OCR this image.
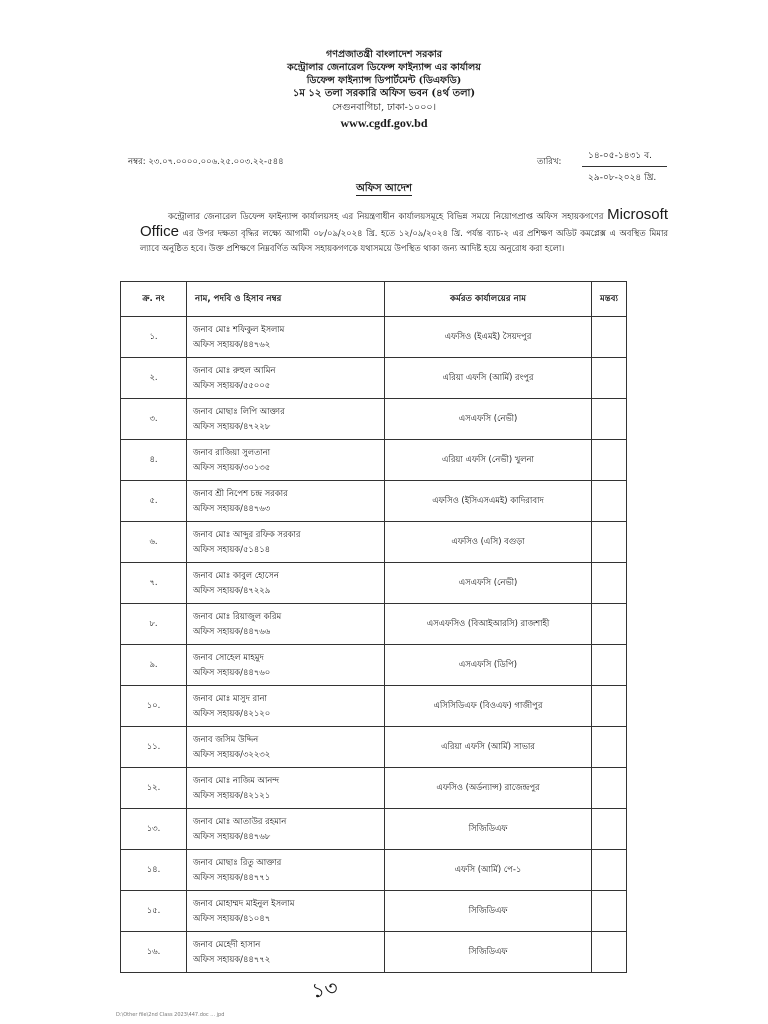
গণপ্রজাতন্ত্রী বাংলাদেশ সরকার
কন্ট্রোলার জেনারেল ডিফেন্স ফাইন্যান্স এর কার্যালয়
ডিফেন্স ফাইন্যান্স ডিপার্টমেন্ট (ডিএফডি)
১ম ১২ তলা সরকারি অফিস ভবন (৪র্থ তলা)
সেগুনবাগিচা, ঢাকা-১০০০।
www.cgdf.gov.bd
নম্বর: ২৩.০৭.০০০০.০০৬.২৫.০০৩.২২-৫৪৪	তারিখ:
১৪-০৫-১৪৩১ ব.
২৯-০৮-২০২৪ খ্রি.
অফিস আদেশ
কন্ট্রোলার জেনারেল ডিফেন্স ফাইন্যান্স কার্যালয়সহ এর নিয়ন্ত্রণাধীন কার্যালয়সমূহে বিভিন্ন সময়ে নিয়োগপ্রাপ্ত অফিস সহায়কগণের Microsoft Office এর উপর দক্ষতা বৃদ্ধির লক্ষ্যে আগামী ০৮/০৯/২০২৪ খ্রি. হতে ১২/০৯/২০২৪ খ্রি. পর্যন্ত ব্যাচ-২ এর প্রশিক্ষণ অডিট কমপ্লেক্স এ অবস্থিত মিমার ল্যাবে অনুষ্ঠিত হবে। উক্ত প্রশিক্ষণে নিম্নবর্ণিত অফিস সহায়কগণকে যথাসময়ে উপস্থিত থাকা জন্য আদিষ্ট হয়ে অনুরোধ করা হলো।
ক্র. নং	নাম, পদবি ও হিসাব নম্বর	কর্মরত কার্যালয়ের নাম	মন্তব্য
১.	জনাব মোঃ শফিকুল ইসলাম
অফিস সহায়ক/৪৪৭৬২	এফসিও (ইএমই) সৈয়দপুর	
২.	জনাব মোঃ রুহুল আমিন
অফিস সহায়ক/৫৫০০৫	এরিয়া এফসি (আর্মি) রংপুর	
৩.	জনাব মোছাঃ লিপি আক্তার
অফিস সহায়ক/৪৭২২৮	এসএফসি (নেভী)	
৪.	জনাব রাজিয়া সুলতানা
অফিস সহায়ক/৩০১৩৫	এরিয়া এফসি (নেভী) খুলনা	
৫.	জনাব শ্রী নিপেশ চন্দ্র সরকার
অফিস সহায়ক/৪৪৭৬৩	এফসিও (ইসিএসএমই) কাদিরাবাদ	
৬.	জনাব মোঃ আব্দুর রফিক সরকার
অফিস সহায়ক/৫১৪১৪	এফসিও (এসি) বগুড়া	
৭.	জনাব মোঃ কাবুল হোসেন
অফিস সহায়ক/৪৭২২৯	এসএফসি (নেভী)	
৮.	জনাব মোঃ রিয়াজুল করিম
অফিস সহায়ক/৪৪৭৬৬	এসএফসিও (বিআইআরসি) রাজশাহী	
৯.	জনাব সোহেল মাহমুদ
অফিস সহায়ক/৪৪৭৬০	এসএফসি (ডিপি)	
১০.	জনাব মোঃ মাসুদ রানা
অফিস সহায়ক/৪২১২০	এসিসিডিএফ (বিওএফ) গাজীপুর	
১১.	জনাব জসিম উদ্দিন
অফিস সহায়ক/৩২২৩২	এরিয়া এফসি (আর্মি) সাভার	
১২.	জনাব মোঃ নাজিম আনন্দ
অফিস সহায়ক/৪২১২১	এফসিও (অর্ডন্যান্স) রাজেন্দ্রপুর	
১৩.	জনাব মোঃ আতাউর রহমান
অফিস সহায়ক/৪৪৭৬৮	সিজিডিএফ	
১৪.	জনাব মোছাঃ রিতু আক্তার
অফিস সহায়ক/৪৪৭৭১	এফসি (আর্মি) পে-১	
১৫.	জনাব মোহাম্মদ মাইনুল ইসলাম
অফিস সহায়ক/৪১০৪৭	সিজিডিএফ	
১৬.	জনাব মেহেদী হাসান
অফিস সহায়ক/৪৪৭৭২	সিজিডিএফ	
১৩
D:\Other file\2nd Class 2023\447.doc ... jpd
